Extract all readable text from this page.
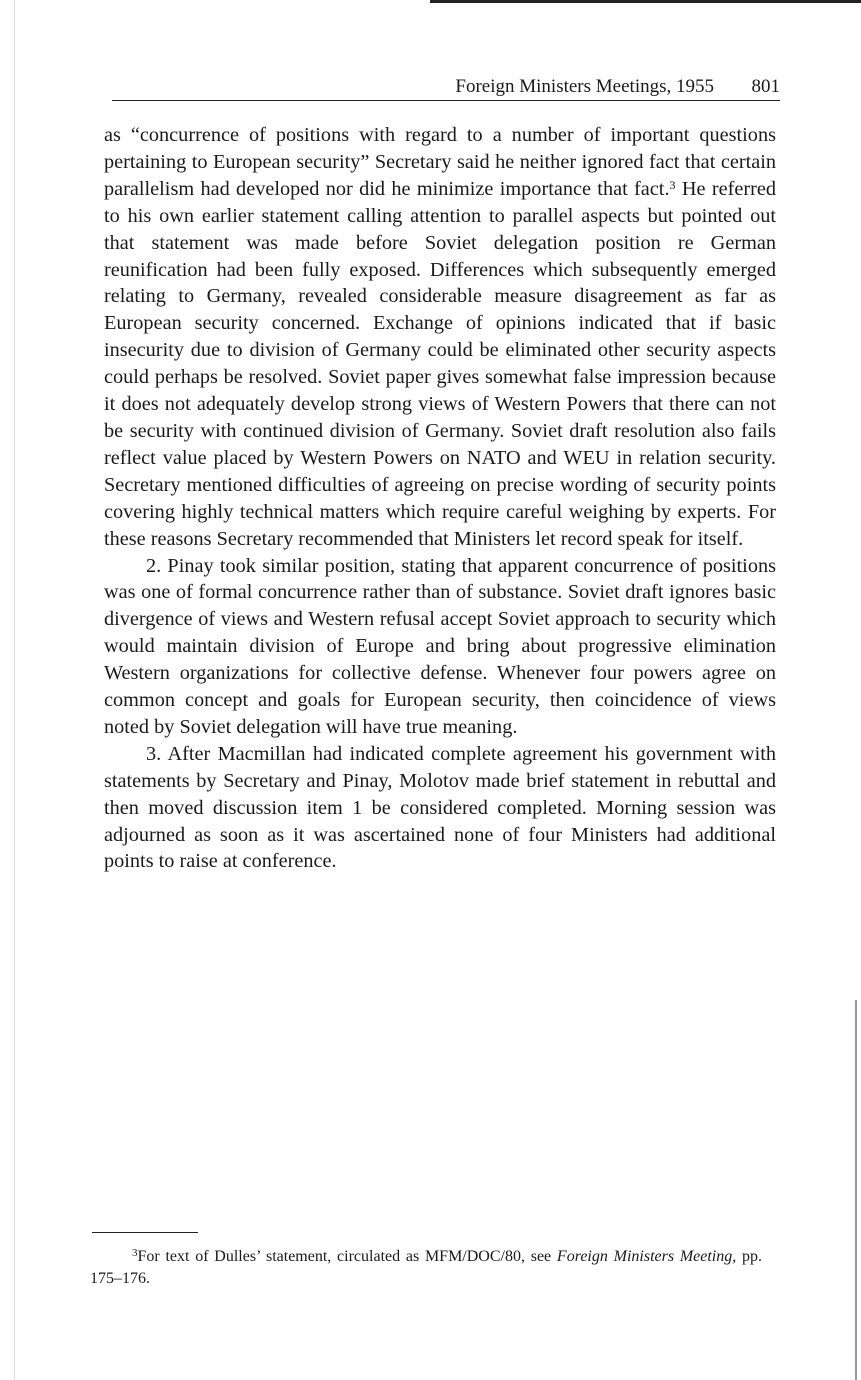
Foreign Ministers Meetings, 1955 801

as “concurrence of positions with regard to a number of important questions pertaining to European security” Secretary said he neither ignored fact that certain parallelism had developed nor did he minimize importance that fact.$^3$ He referred to his own earlier statement calling attention to parallel aspects but pointed out that statement was made before Soviet delegation position re German reunification had been fully exposed. Differences which subsequently emerged relating to Germany, revealed considerable measure disagreement as far as European security concerned. Exchange of opinions indicated that if basic insecurity due to division of Germany could be eliminated other security aspects could perhaps be resolved. Soviet paper gives somewhat false impression because it does not adequately develop strong views of Western Powers that there can not be security with continued division of Germany. Soviet draft resolution also fails reflect value placed by Western Powers on NATO and WEU in relation security. Secretary mentioned difficulties of agreeing on precise wording of security points covering highly technical matters which require careful weighing by experts. For these reasons Secretary recommended that Ministers let record speak for itself.

2. Pinay took similar position, stating that apparent concurrence of positions was one of formal concurrence rather than of substance. Soviet draft ignores basic divergence of views and Western refusal accept Soviet approach to security which would maintain division of Europe and bring about progressive elimination Western organizations for collective defense. Whenever four powers agree on common concept and goals for European security, then coincidence of views noted by Soviet delegation will have true meaning.

3. After Macmillan had indicated complete agreement his government with statements by Secretary and Pinay, Molotov made brief statement in rebuttal and then moved discussion item 1 be considered completed. Morning session was adjourned as soon as it was ascertained none of four Ministers had additional points to raise at conference.

$^3$For text of Dulles’ statement, circulated as MFM/DOC/80, see Foreign Ministers Meeting, pp. 175–176.
